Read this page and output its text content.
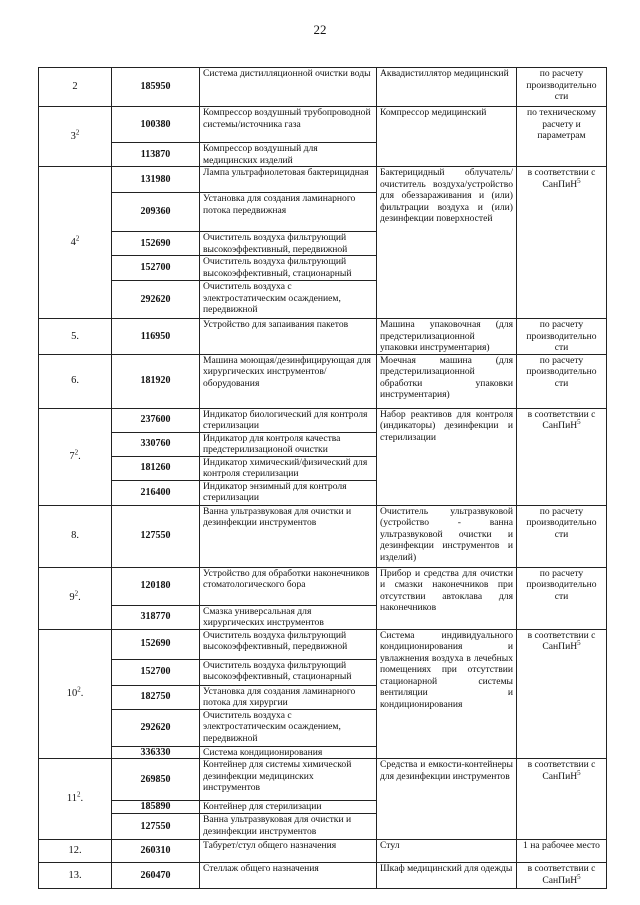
22
2	185950	Система дистилляционной очистки воды	Аквадистиллятор медицинский	по расчету производительно сти
$3^2$	100380	Компрессор воздушный трубопроводной системы/источника газа	Компрессор медицинский	по техническому расчету и параметрам
	113870	Компрессор воздушный для медицинских изделий		
$4^2$	131980	Лампа ультрафиолетовая бактерицидная	Бактерицидный облучатель/очиститель воздуха/устройство для обеззараживания и (или) фильтрации воздуха и (или) дезинфекции поверхностей	в соответствии с СанПиН$^5$
	209360	Установка для создания ламинарного потока передвижная		
	152690	Очиститель воздуха фильтрующий высокоэффективный, передвижной		
	152700	Очиститель воздуха фильтрующий высокоэффективный, стационарный		
	292620	Очиститель воздуха с электростатическим осаждением, передвижной		
5.	116950	Устройство для запаивания пакетов	Машина упаковочная (для предстерилизационной упаковки инструментария)	по расчету производительно сти
6.	181920	Машина моющая/дезинфицирующая для хирургических инструментов/оборудования	Моечная машина (для предстерилизационной обработки упаковки инструментария)	по расчету производительно сти
$7^2$.	237600	Индикатор биологический для контроля стерилизации	Набор реактивов для контроля (индикаторы) дезинфекции и стерилизации	в соответствии с СанПиН$^5$
	330760	Индикатор для контроля качества предстерилизационой очистки		
	181260	Индикатор химический/физический для контроля стерилизации		
	216400	Индикатор энзимный для контроля стерилизации		
8.	127550	Ванна ультразвуковая для очистки и дезинфекции инструментов	Очиститель ультразвуковой (устройство - ванна ультразвуковой очистки и дезинфекции инструментов и изделий)	по расчету производительно сти
$9^2$.	120180	Устройство для обработки наконечников стоматологического бора	Прибор и средства для очистки и смазки наконечников при отсутствии автоклава для наконечников	по расчету производительно сти
	318770	Смазка универсальная для хирургических инструментов		
$10^2$.	152690	Очиститель воздуха фильтрующий высокоэффективный, передвижной	Система индивидуального кондиционирования и увлажнения воздуха в лечебных помещениях при отсутствии стационарной системы вентиляции и кондиционирования	в соответствии с СанПиН$^5$
	152700	Очиститель воздуха фильтрующий высокоэффективный, стационарный		
	182750	Установка для создания ламинарного потока для хирургии		
	292620	Очиститель воздуха с электростатическим осаждением, передвижной		
	336330	Система кондиционирования		
$11^2$.	269850	Контейнер для системы химической дезинфекции медицинских инструментов	Средства и емкости-контейнеры для дезинфекции инструментов	в соответствии с СанПиН$^5$
	185890	Контейнер для стерилизации		
	127550	Ванна ультразвуковая для очистки и дезинфекции инструментов		
12.	260310	Табурет/стул общего назначения	Стул	1 на рабочее место
13.	260470	Стеллаж общего назначения	Шкаф медицинский для одежды	в соответствии с СанПиН$^5$
